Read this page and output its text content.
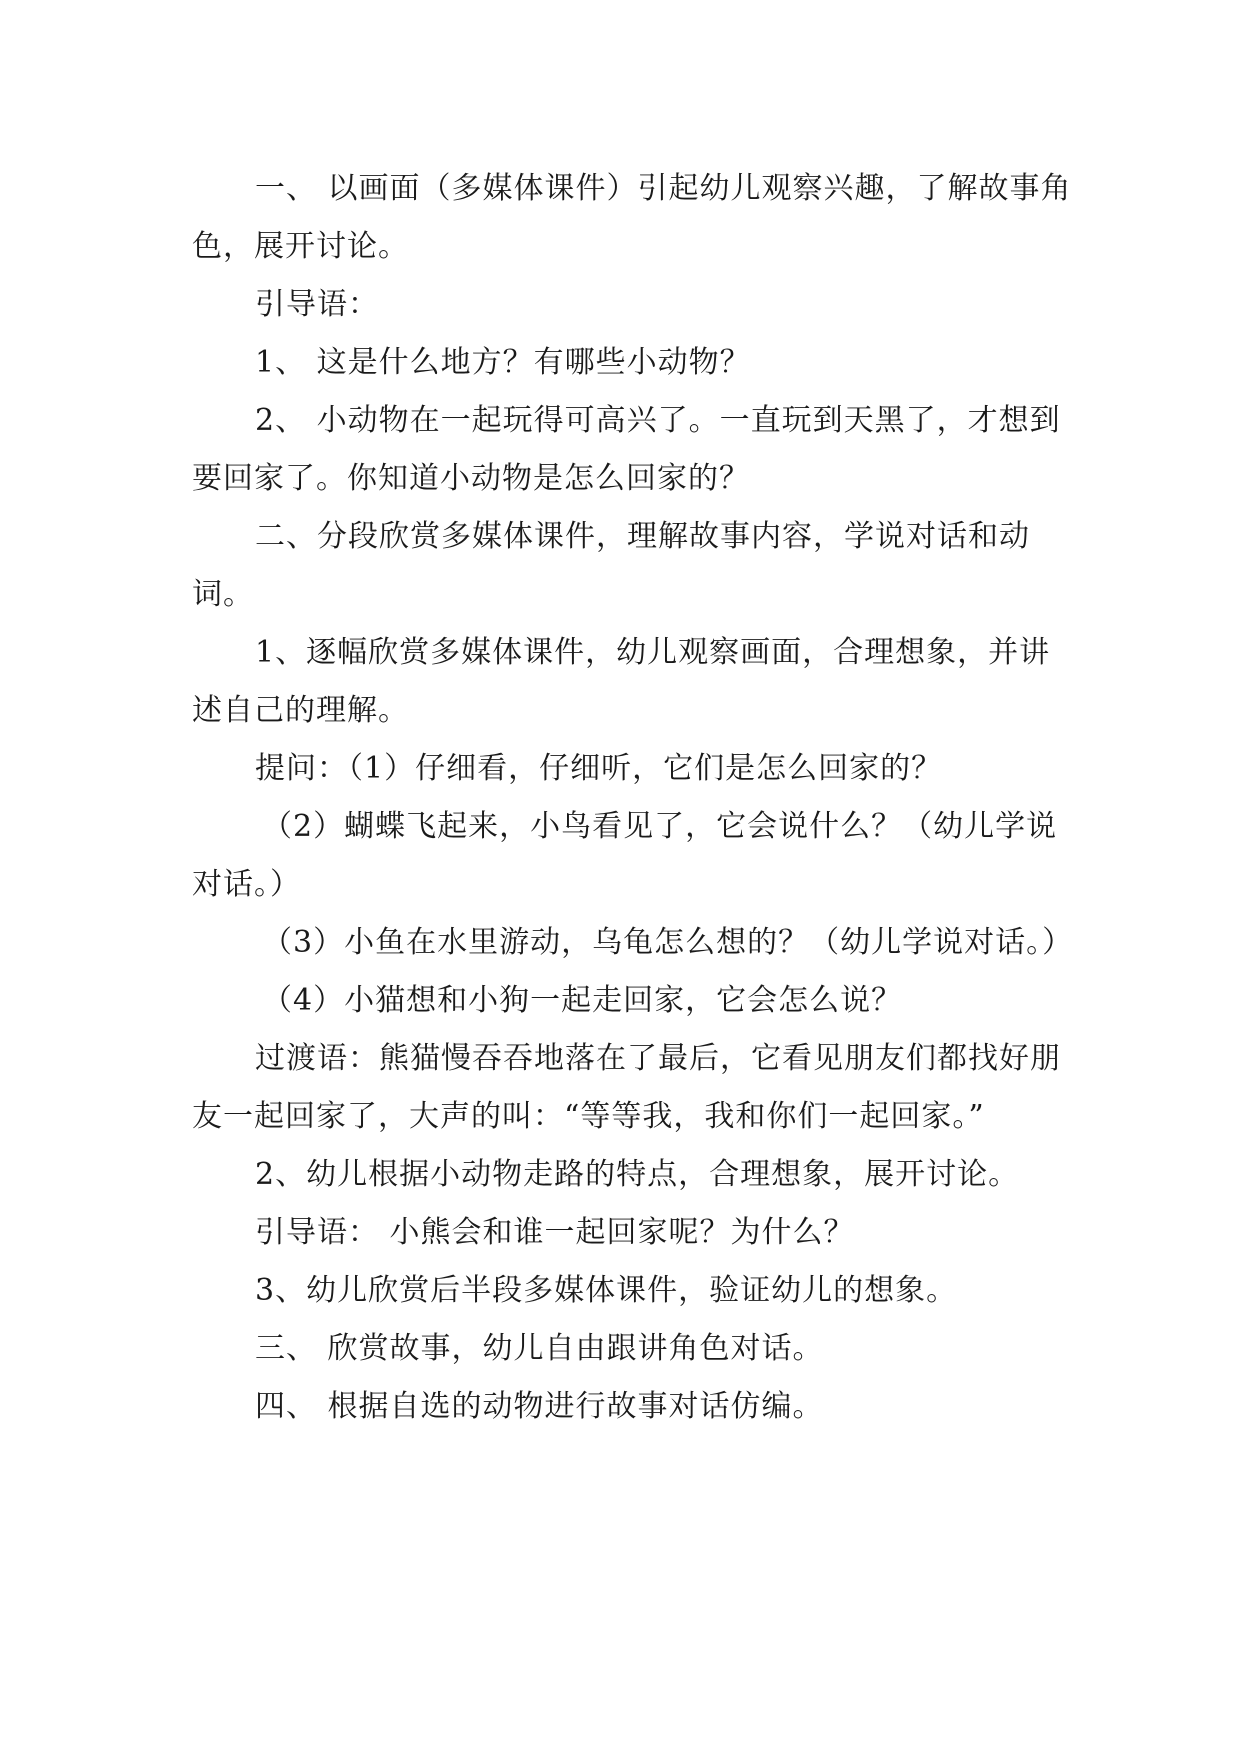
一、 以画面（多媒体课件）引起幼儿观察兴趣，了解故事角色，展开讨论。

引导语：

1、 这是什么地方？有哪些小动物？

2、 小动物在一起玩得可高兴了。一直玩到天黑了，才想到要回家了。你知道小动物是怎么回家的？

二、分段欣赏多媒体课件，理解故事内容，学说对话和动词。

1、逐幅欣赏多媒体课件，幼儿观察画面，合理想象，并讲述自己的理解。

提问：（1）仔细看，仔细听，它们是怎么回家的？

（2）蝴蝶飞起来，小鸟看见了，它会说什么？（幼儿学说对话。）

（3）小鱼在水里游动，乌龟怎么想的？（幼儿学说对话。）

（4）小猫想和小狗一起走回家，它会怎么说？

过渡语：熊猫慢吞吞地落在了最后，它看见朋友们都找好朋友一起回家了，大声的叫：“等等我，我和你们一起回家。”

2、幼儿根据小动物走路的特点，合理想象，展开讨论。

引导语： 小熊会和谁一起回家呢？为什么？

3、幼儿欣赏后半段多媒体课件，验证幼儿的想象。

三、 欣赏故事，幼儿自由跟讲角色对话。

四、 根据自选的动物进行故事对话仿编。
